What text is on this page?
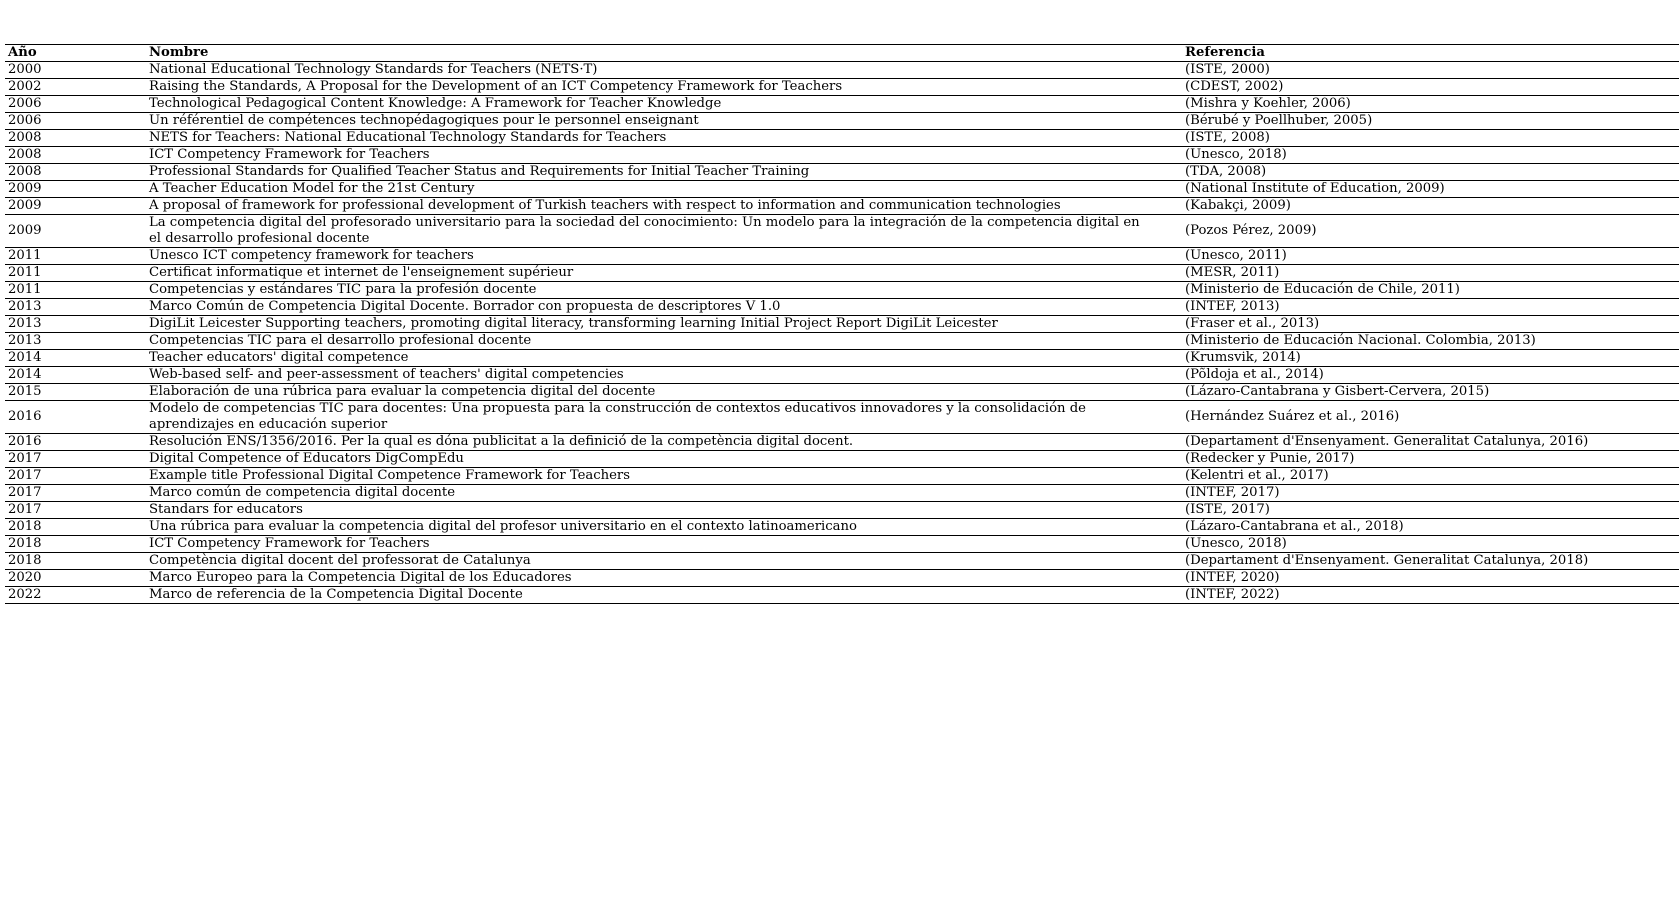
Año	Nombre	Referencia
2000	National Educational Technology Standards for Teachers (NETS·T)	(ISTE, 2000)
2002	Raising the Standards, A Proposal for the Development of an ICT Competency Framework for Teachers	(CDEST, 2002)
2006	Technological Pedagogical Content Knowledge: A Framework for Teacher Knowledge	(Mishra y Koehler, 2006)
2006	Un référentiel de compétences technopédagogiques pour le personnel enseignant	(Bérubé y Poellhuber, 2005)
2008	NETS for Teachers: National Educational Technology Standards for Teachers	(ISTE, 2008)
2008	ICT Competency Framework for Teachers	(Unesco, 2018)
2008	Professional Standards for Qualified Teacher Status and Requirements for Initial Teacher Training	(TDA, 2008)
2009	A Teacher Education Model for the 21st Century	(National Institute of Education, 2009)
2009	A proposal of framework for professional development of Turkish teachers with respect to information and communication technologies	(Kabakçi, 2009)
2009	La competencia digital del profesorado universitario para la sociedad del conocimiento: Un modelo para la integración de la competencia digital en el desarrollo profesional docente	(Pozos Pérez, 2009)
2011	Unesco ICT competency framework for teachers	(Unesco, 2011)
2011	Certificat informatique et internet de l'enseignement supérieur	(MESR, 2011)
2011	Competencias y estándares TIC para la profesión docente	(Ministerio de Educación de Chile, 2011)
2013	Marco Común de Competencia Digital Docente. Borrador con propuesta de descriptores V 1.0	(INTEF, 2013)
2013	DigiLit Leicester Supporting teachers, promoting digital literacy, transforming learning Initial Project Report DigiLit Leicester	(Fraser et al., 2013)
2013	Competencias TIC para el desarrollo profesional docente	(Ministerio de Educación Nacional. Colombia, 2013)
2014	Teacher educators' digital competence	(Krumsvik, 2014)
2014	Web-based self- and peer-assessment of teachers' digital competencies	(Põldoja et al., 2014)
2015	Elaboración de una rúbrica para evaluar la competencia digital del docente	(Lázaro-Cantabrana y Gisbert-Cervera, 2015)
2016	Modelo de competencias TIC para docentes: Una propuesta para la construcción de contextos educativos innovadores y la consolidación de aprendizajes en educación superior	(Hernández Suárez et al., 2016)
2016	Resolución ENS/1356/2016. Per la qual es dóna publicitat a la definició de la competència digital docent.	(Departament d'Ensenyament. Generalitat Catalunya, 2016)
2017	Digital Competence of Educators DigCompEdu	(Redecker y Punie, 2017)
2017	Example title Professional Digital Competence Framework for Teachers	(Kelentri et al., 2017)
2017	Marco común de competencia digital docente	(INTEF, 2017)
2017	Standars for educators	(ISTE, 2017)
2018	Una rúbrica para evaluar la competencia digital del profesor universitario en el contexto latinoamericano	(Lázaro-Cantabrana et al., 2018)
2018	ICT Competency Framework for Teachers	(Unesco, 2018)
2018	Competència digital docent del professorat de Catalunya	(Departament d'Ensenyament. Generalitat Catalunya, 2018)
2020	Marco Europeo para la Competencia Digital de los Educadores	(INTEF, 2020)
2022	Marco de referencia de la Competencia Digital Docente	(INTEF, 2022)
